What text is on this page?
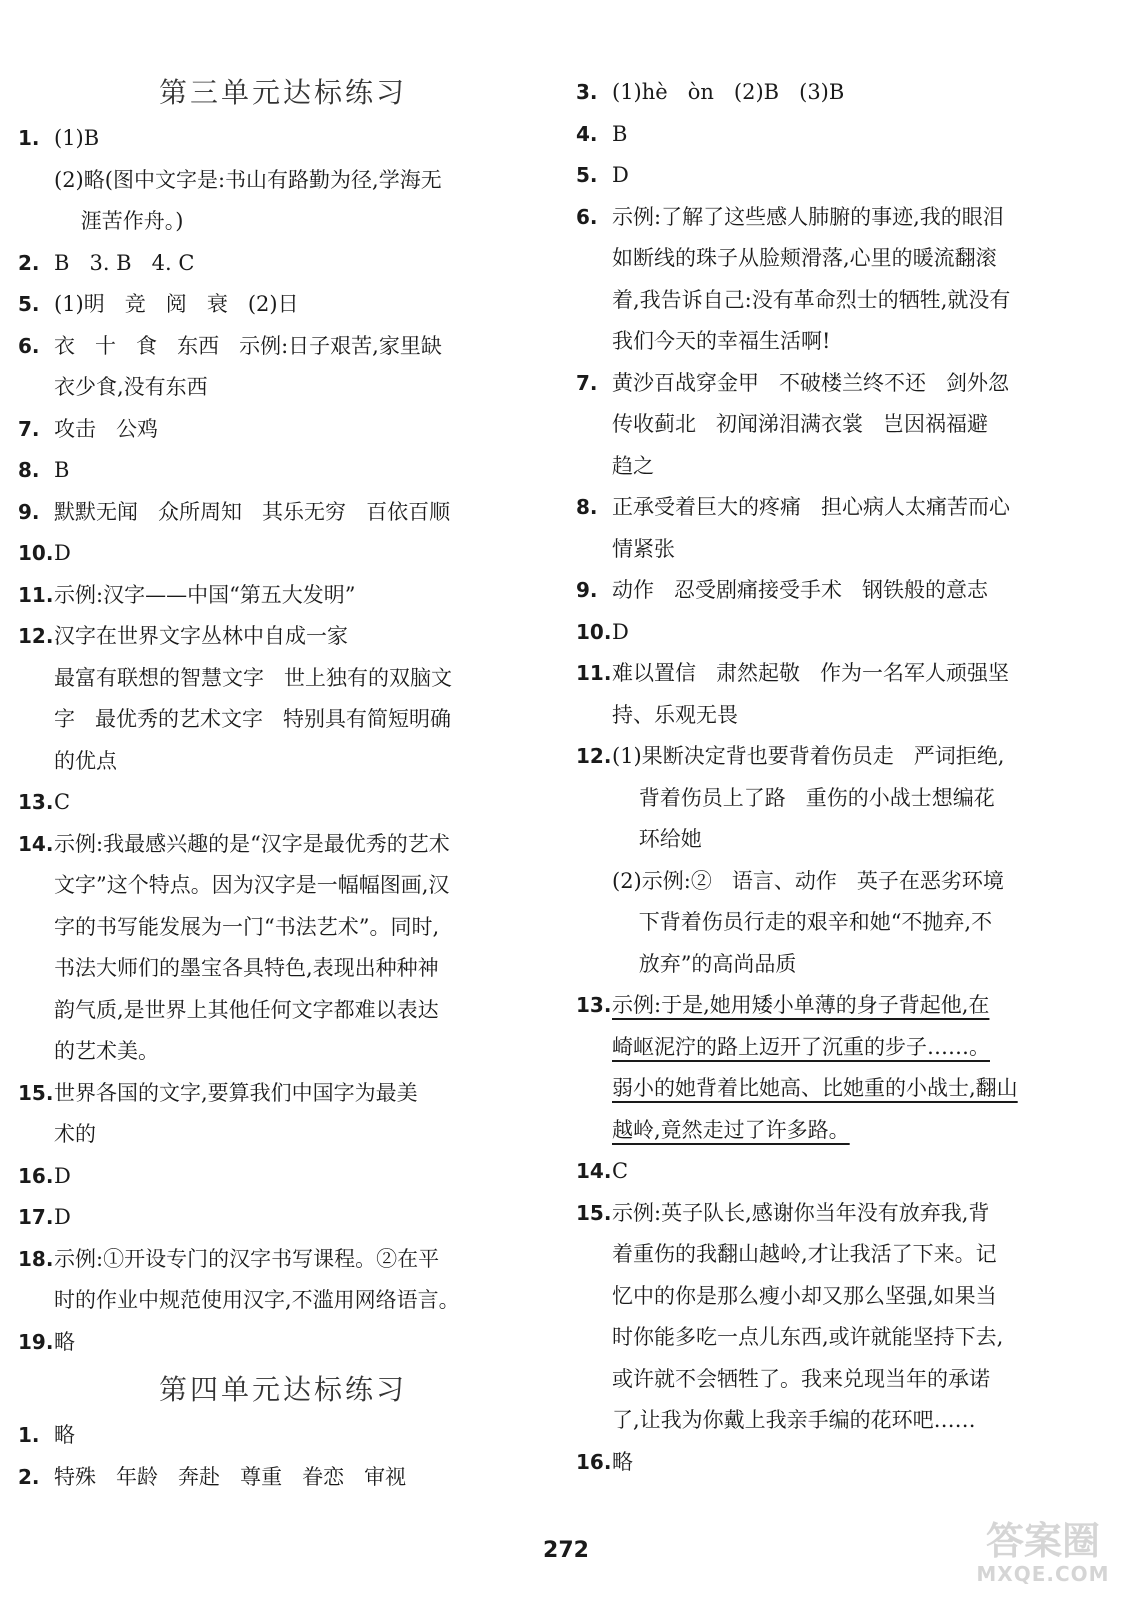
第三单元达标练习
1. (1)B
(2)略(图中文字是:书山有路勤为径,学海无
涯苦作舟。)
2. B   3. B   4. C
5. (1)明   竞   阅   衰   (2)日
6. 衣   十   食   东西   示例:日子艰苦,家里缺
衣少食,没有东西
7. 攻击   公鸡
8. B
9. 默默无闻   众所周知   其乐无穷   百依百顺
10. D
11. 示例:汉字——中国“第五大发明”
12. 汉字在世界文字丛林中自成一家
最富有联想的智慧文字   世上独有的双脑文
字   最优秀的艺术文字   特别具有简短明确
的优点
13. C
14. 示例:我最感兴趣的是“汉字是最优秀的艺术
文字”这个特点。因为汉字是一幅幅图画,汉
字的书写能发展为一门“书法艺术”。同时,
书法大师们的墨宝各具特色,表现出种种神
韵气质,是世界上其他任何文字都难以表达
的艺术美。
15. 世界各国的文字,要算我们中国字为最美
术的
16. D
17. D
18. 示例:①开设专门的汉字书写课程。②在平
时的作业中规范使用汉字,不滥用网络语言。
19. 略
第四单元达标练习
1. 略
2. 特殊   年龄   奔赴   尊重   眷恋   审视
3. (1)hè   òn   (2)B   (3)B
4. B
5. D
6. 示例:了解了这些感人肺腑的事迹,我的眼泪
如断线的珠子从脸颊滑落,心里的暖流翻滚
着,我告诉自己:没有革命烈士的牺牲,就没有
我们今天的幸福生活啊!
7. 黄沙百战穿金甲   不破楼兰终不还   剑外忽
传收蓟北   初闻涕泪满衣裳   岂因祸福避
趋之
8. 正承受着巨大的疼痛   担心病人太痛苦而心
情紧张
9. 动作   忍受剧痛接受手术   钢铁般的意志
10. D
11. 难以置信   肃然起敬   作为一名军人顽强坚
持、乐观无畏
12. (1)果断决定背也要背着伤员走   严词拒绝,
背着伤员上了路   重伤的小战士想编花
环给她
(2)示例:②   语言、动作   英子在恶劣环境
下背着伤员行走的艰辛和她“不抛弃,不
放弃”的高尚品质
13. 示例:于是,她用矮小单薄的身子背起他,在
崎岖泥泞的路上迈开了沉重的步子……。
弱小的她背着比她高、比她重的小战士,翻山
越岭,竟然走过了许多路。
14. C
15. 示例:英子队长,感谢你当年没有放弃我,背
着重伤的我翻山越岭,才让我活了下来。记
忆中的你是那么瘦小却又那么坚强,如果当
时你能多吃一点儿东西,或许就能坚持下去,
或许就不会牺牲了。我来兑现当年的承诺
了,让我为你戴上我亲手编的花环吧……
16. 略
272	答案圈
MXQE.COM
